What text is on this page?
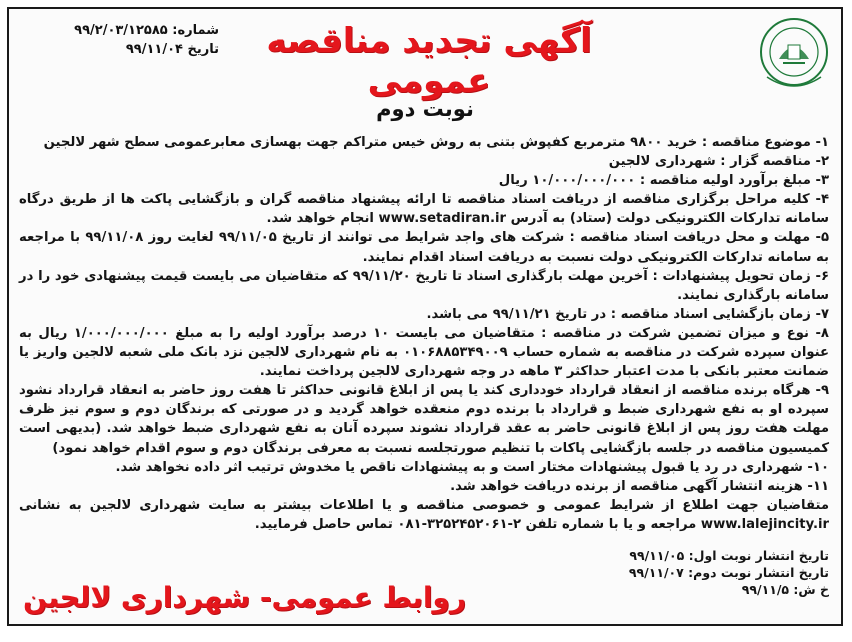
آگهی تجدید مناقصه عمومی
شماره: ۹۹/۲/۰۳/۱۲۵۸۵
تاریخ ۹۹/۱۱/۰۴
نوبت دوم

۱- موضوع مناقصه : خرید ۹۸۰۰ مترمربع کفپوش بتنی به روش خیس متراکم جهت بهسازی معابرعمومی سطح شهر لالجین

۲- مناقصه گزار : شهرداری لالجین

۳- مبلغ برآورد اولیه مناقصه : ۱۰/۰۰۰/۰۰۰/۰۰۰ ریال

۴- کلیه مراحل برگزاری مناقصه از دریافت اسناد مناقصه تا ارائه پیشنهاد مناقصه گران و بازگشایی پاکت ها از طریق درگاه سامانه تدارکات الکترونیکی دولت (ستاد) به آدرس www.setadiran.ir انجام خواهد شد.

۵- مهلت و محل دریافت اسناد مناقصه : شرکت های واجد شرایط می توانند از تاریخ ۹۹/۱۱/۰۵ لغایت روز ۹۹/۱۱/۰۸ با مراجعه به سامانه تدارکات الکترونیکی دولت نسبت به دریافت اسناد اقدام نمایند.

۶- زمان تحویل پیشنهادات : آخرین مهلت بارگذاری اسناد تا تاریخ ۹۹/۱۱/۲۰ که متقاضیان می بایست قیمت پیشنهادی خود را در سامانه بارگذاری نمایند.

۷- زمان بازگشایی اسناد مناقصه : در تاریخ ۹۹/۱۱/۲۱ می باشد.

۸- نوع و میزان تضمین شرکت در مناقصه : متقاضیان می بایست ۱۰ درصد برآورد اولیه را به مبلغ ۱/۰۰۰/۰۰۰/۰۰۰ ریال به عنوان سپرده شرکت در مناقصه به شماره حساب ۰۱۰۶۸۸۵۳۴۹۰۰۹ به نام شهرداری لالجین نزد بانک ملی شعبه لالجین واریز یا ضمانت معتبر بانکی با مدت اعتبار حداکثر ۳ ماهه در وجه شهرداری لالجین پرداخت نمایند.

۹- هرگاه برنده مناقصه از انعقاد قرارداد خودداری کند یا پس از ابلاغ قانونی حداکثر تا هفت روز حاضر به انعقاد قرارداد نشود سپرده او به نفع شهرداری ضبط و قرارداد با برنده دوم منعقده خواهد گردید و در صورتی که برندگان دوم و سوم نیز ظرف مهلت هفت روز پس از ابلاغ قانونی حاضر به عقد قرارداد نشوند سپرده آنان به نفع شهرداری ضبط خواهد شد. (بدیهی است کمیسیون مناقصه در جلسه بازگشایی پاکات با تنظیم صورتجلسه نسبت به معرفی برندگان دوم و سوم اقدام خواهد نمود)

۱۰- شهرداری در رد یا قبول پیشنهادات مختار است و به پیشنهادات ناقص یا مخدوش ترتیب اثر داده نخواهد شد.

۱۱- هزینه انتشار آگهی مناقصه از برنده دریافت خواهد شد.

متقاضیان جهت اطلاع از شرایط عمومی و خصوصی مناقصه و یا اطلاعات بیشتر به سایت شهرداری لالجین به نشانی www.lalejincity.ir مراجعه و یا با شماره تلفن ۲-۳۲۵۲۴۵۲۰۶۱-۰۸۱ تماس حاصل فرمایید.

تاریخ انتشار نوبت اول: ۹۹/۱۱/۰۵
تاریخ انتشار نوبت دوم: ۹۹/۱۱/۰۷
خ ش: ۹۹/۱۱/۵
روابط عمومی- شهرداری لالجین
